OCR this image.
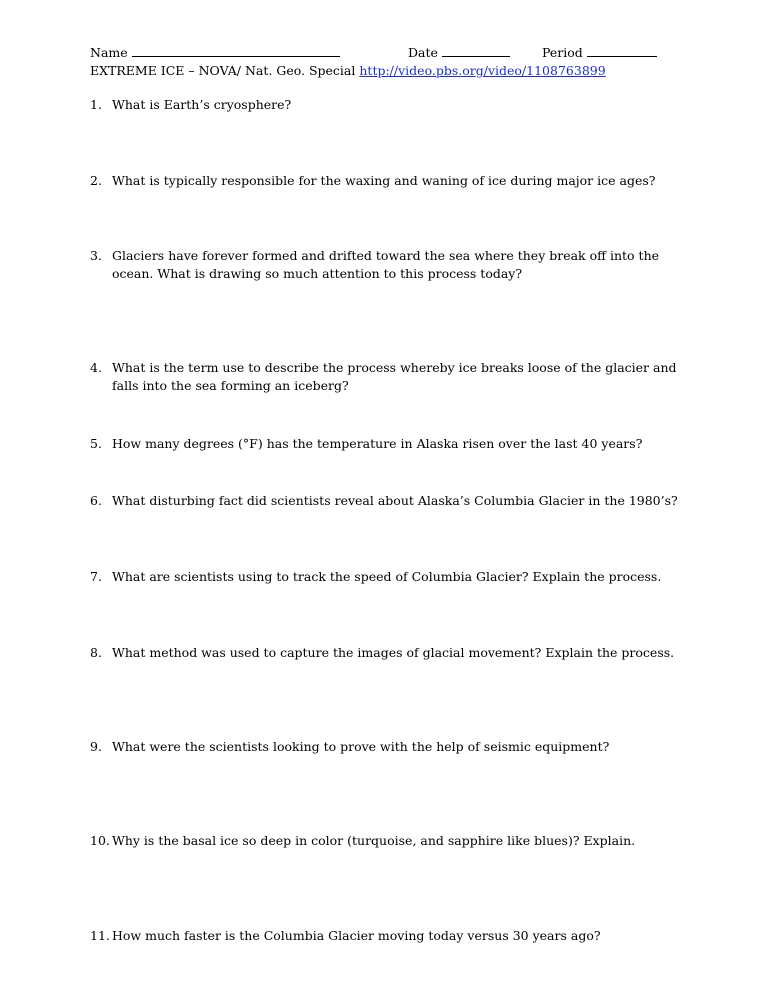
Name	Date	Period
EXTREME ICE – NOVA/ Nat. Geo. Special http://video.pbs.org/video/1108763899
1. What is Earth’s cryosphere?
2. What is typically responsible for the waxing and waning of ice during major ice ages?
3. Glaciers have forever formed and drifted toward the sea where they break off into the ocean. What is drawing so much attention to this process today?
4. What is the term use to describe the process whereby ice breaks loose of the glacier and falls into the sea forming an iceberg?
5. How many degrees (°F) has the temperature in Alaska risen over the last 40 years?
6. What disturbing fact did scientists reveal about Alaska’s Columbia Glacier in the 1980’s?
7. What are scientists using to track the speed of Columbia Glacier? Explain the process.
8. What method was used to capture the images of glacial movement? Explain the process.
9. What were the scientists looking to prove with the help of seismic equipment?
10. Why is the basal ice so deep in color (turquoise, and sapphire like blues)? Explain.
11. How much faster is the Columbia Glacier moving today versus 30 years ago?
